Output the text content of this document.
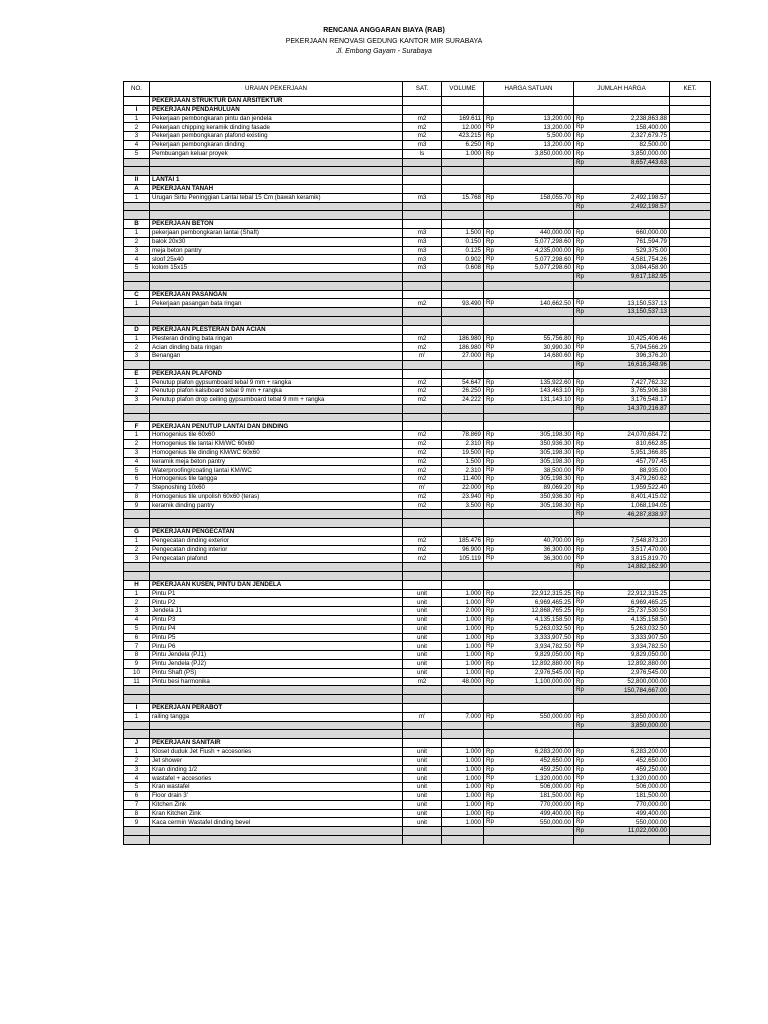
RENCANA ANGGARAN BIAYA (RAB)
PEKERJAAN RENOVASI GEDUNG KANTOR MIR SURABAYA
Jl. Embong Gayam - Surabaya
NO.	URAIAN PEKERJAAN	SAT.	VOLUME	HARGA SATUAN	JUMLAH HARGA	KET.
	PEKERJAAN STRUKTUR DAN ARSITEKTUR					
I	PEKERJAAN PENDAHULUAN					
1	Pekerjaan pembongkaran pintu dan jendela	m2	169.611	Rp 13,200.00	Rp 2,238,863.88	

2	Pekerjaan chipping keramik dinding fasade	m2	12.000	Rp 13,200.00	Rp 158,400.00	

3	Pekerjaan pembongkaran plafond existing	m2	423.215	Rp 5,500.00	Rp 2,327,679.75	

4	Pekerjaan pembongkaran dinding	m3	6.250	Rp 13,200.00	Rp 82,500.00	

5	Pembuangan keluar proyek	ls	1.000	Rp 3,850,000.00	Rp 3,850,000.00	

					Rp 8,657,443.63	

II	LANTAI 1					
A	PEKERJAAN TANAH					
1	Urugan Sirtu Peninggian Lantai tebal 15 Cm (bawah keramik)	m3	15.768	Rp 158,055.70	Rp 2,492,198.57	

					Rp 2,492,198.57	

B	PEKERJAAN BETON					
1	pekerjaan pembongkaran lantai (Shaft)	m3	1.500	Rp 440,000.00	Rp 660,000.00	

2	balok 20x30	m3	0.150	Rp 5,077,298.60	Rp 761,594.79	

3	meja beton pantry	m3	0.125	Rp 4,235,000.00	Rp 529,375.00	

4	sloof 25x40	m3	0.902	Rp 5,077,298.60	Rp 4,581,754.26	

5	kolom 15x15	m3	0.608	Rp 5,077,298.60	Rp 3,084,458.90	

					Rp 9,617,182.95	

C	PEKERJAAN PASANGAN					
1	Pekerjaan pasangan bata ringan	m2	93.490	Rp 140,662.50	Rp 13,150,537.13	

					Rp 13,150,537.13	

D	PEKERJAAN PLESTERAN DAN ACIAN					
1	Plesteran dinding bata ringan	m2	186.980	Rp 55,756.80	Rp 10,425,406.46	

2	Acian dinding bata ringan	m2	186.980	Rp 30,990.30	Rp 5,794,566.29	

3	Benangan	m'	27.000	Rp 14,680.60	Rp 396,376.20	

					Rp 16,616,348.96	

E	PEKERJAAN PLAFOND					
1	Penutup plafon gypsumboard tebal 9 mm + rangka	m2	54.647	Rp 135,922.60	Rp 7,427,762.32	

2	Penutup plafon kalsiboard tebal 9 mm + rangka	m2	26.250	Rp 143,463.10	Rp 3,765,906.38	

3	Penutup plafon drop ceiling gypsumboard tebal 9 mm + rangka	m2	24.222	Rp 131,143.10	Rp 3,176,548.17	

					Rp 14,370,216.87	

F	PEKERJAAN PENUTUP LANTAI DAN DINDING					
1	Homogenius tile 60x60	m2	78.869	Rp 305,198.30	Rp 24,070,684.72	

2	Homogenius tile lantai KM/WC 60x60	m2	2.310	Rp 350,936.30	Rp 810,662.85	

3	Homogenius tile dinding KM/WC 60x60	m2	19.500	Rp 305,198.30	Rp 5,951,366.85	

4	keramik meja beton pantry	m2	1.500	Rp 305,198.30	Rp 457,797.45	

5	Waterproofing/coating lantai KM/WC	m2	2.310	Rp 38,500.00	Rp 88,935.00	

6	Homogenius tile tangga	m2	11.400	Rp 305,198.30	Rp 3,479,260.62	

7	Stepnoshing 10x60	m'	22.000	Rp 89,069.20	Rp 1,959,522.40	

8	Homogenius tile unpolish 60x60 (teras)	m2	23.940	Rp 350,936.30	Rp 8,401,415.02	

9	keramik dinding pantry	m2	3.500	Rp 305,198.30	Rp 1,068,194.05	

					Rp 46,287,838.97	

G	PEKERJAAN PENGECATAN					
1	Pengecatan dinding exterior	m2	185.476	Rp 40,700.00	Rp 7,548,873.20	

2	Pengecatan dinding interior	m2	96.900	Rp 36,300.00	Rp 3,517,470.00	

3	Pengecatan plafond	m2	105.119	Rp 36,300.00	Rp 3,815,819.70	

					Rp 14,882,162.90	

H	PEKERJAAN KUSEN, PINTU DAN JENDELA					
1	Pintu P1	unit	1.000	Rp 22,912,315.25	Rp 22,912,315.25	

2	Pintu P2	unit	1.000	Rp 6,969,465.25	Rp 6,969,465.25	

3	Jendela J1	unit	2.000	Rp 12,868,765.25	Rp 25,737,530.50	

4	Pintu P3	unit	1.000	Rp 4,135,158.50	Rp 4,135,158.50	

5	Pintu P4	unit	1.000	Rp 5,263,032.50	Rp 5,263,032.50	

6	Pintu P5	unit	1.000	Rp 3,333,907.50	Rp 3,333,907.50	

7	Pintu P6	unit	1.000	Rp 3,934,782.50	Rp 3,934,782.50	

8	Pintu Jendela (PJ1)	unit	1.000	Rp 9,829,050.00	Rp 9,829,050.00	

9	Pintu Jendela (PJ2)	unit	1.000	Rp 12,892,880.00	Rp 12,892,880.00	

10	Pintu Shaft (PS)	unit	1.000	Rp 2,976,545.00	Rp 2,976,545.00	

11	Pintu besi harmonika	m2	48.000	Rp 1,100,000.00	Rp 52,800,000.00	

					Rp 150,784,667.00	

I	PEKERJAAN PERABOT					
1	railing tangga	m'	7.000	Rp 550,000.00	Rp 3,850,000.00	

					Rp 3,850,000.00	

J	PEKERJAAN SANITAIR					
1	Kloset duduk Jet Flush + accesories	unit	1.000	Rp 6,283,200.00	Rp 6,283,200.00	

2	Jet shower	unit	1.000	Rp 452,650.00	Rp 452,650.00	

3	Kran dinding 1/2	unit	1.000	Rp 459,250.00	Rp 459,250.00	

4	wastafel + accesories	unit	1.000	Rp 1,320,000.00	Rp 1,320,000.00	

5	Kran wastafel	unit	1.000	Rp 506,000.00	Rp 506,000.00	

6	Floor drain 3'	unit	1.000	Rp 181,500.00	Rp 181,500.00	

7	Kitchen Zink	unit	1.000	Rp 770,000.00	Rp 770,000.00	

8	Kran Kitchen Zink	unit	1.000	Rp 499,400.00	Rp 499,400.00	

9	Kaca cermin Wastafel dinding bevel	unit	1.000	Rp 550,000.00	Rp 550,000.00	

					Rp 11,022,000.00	
